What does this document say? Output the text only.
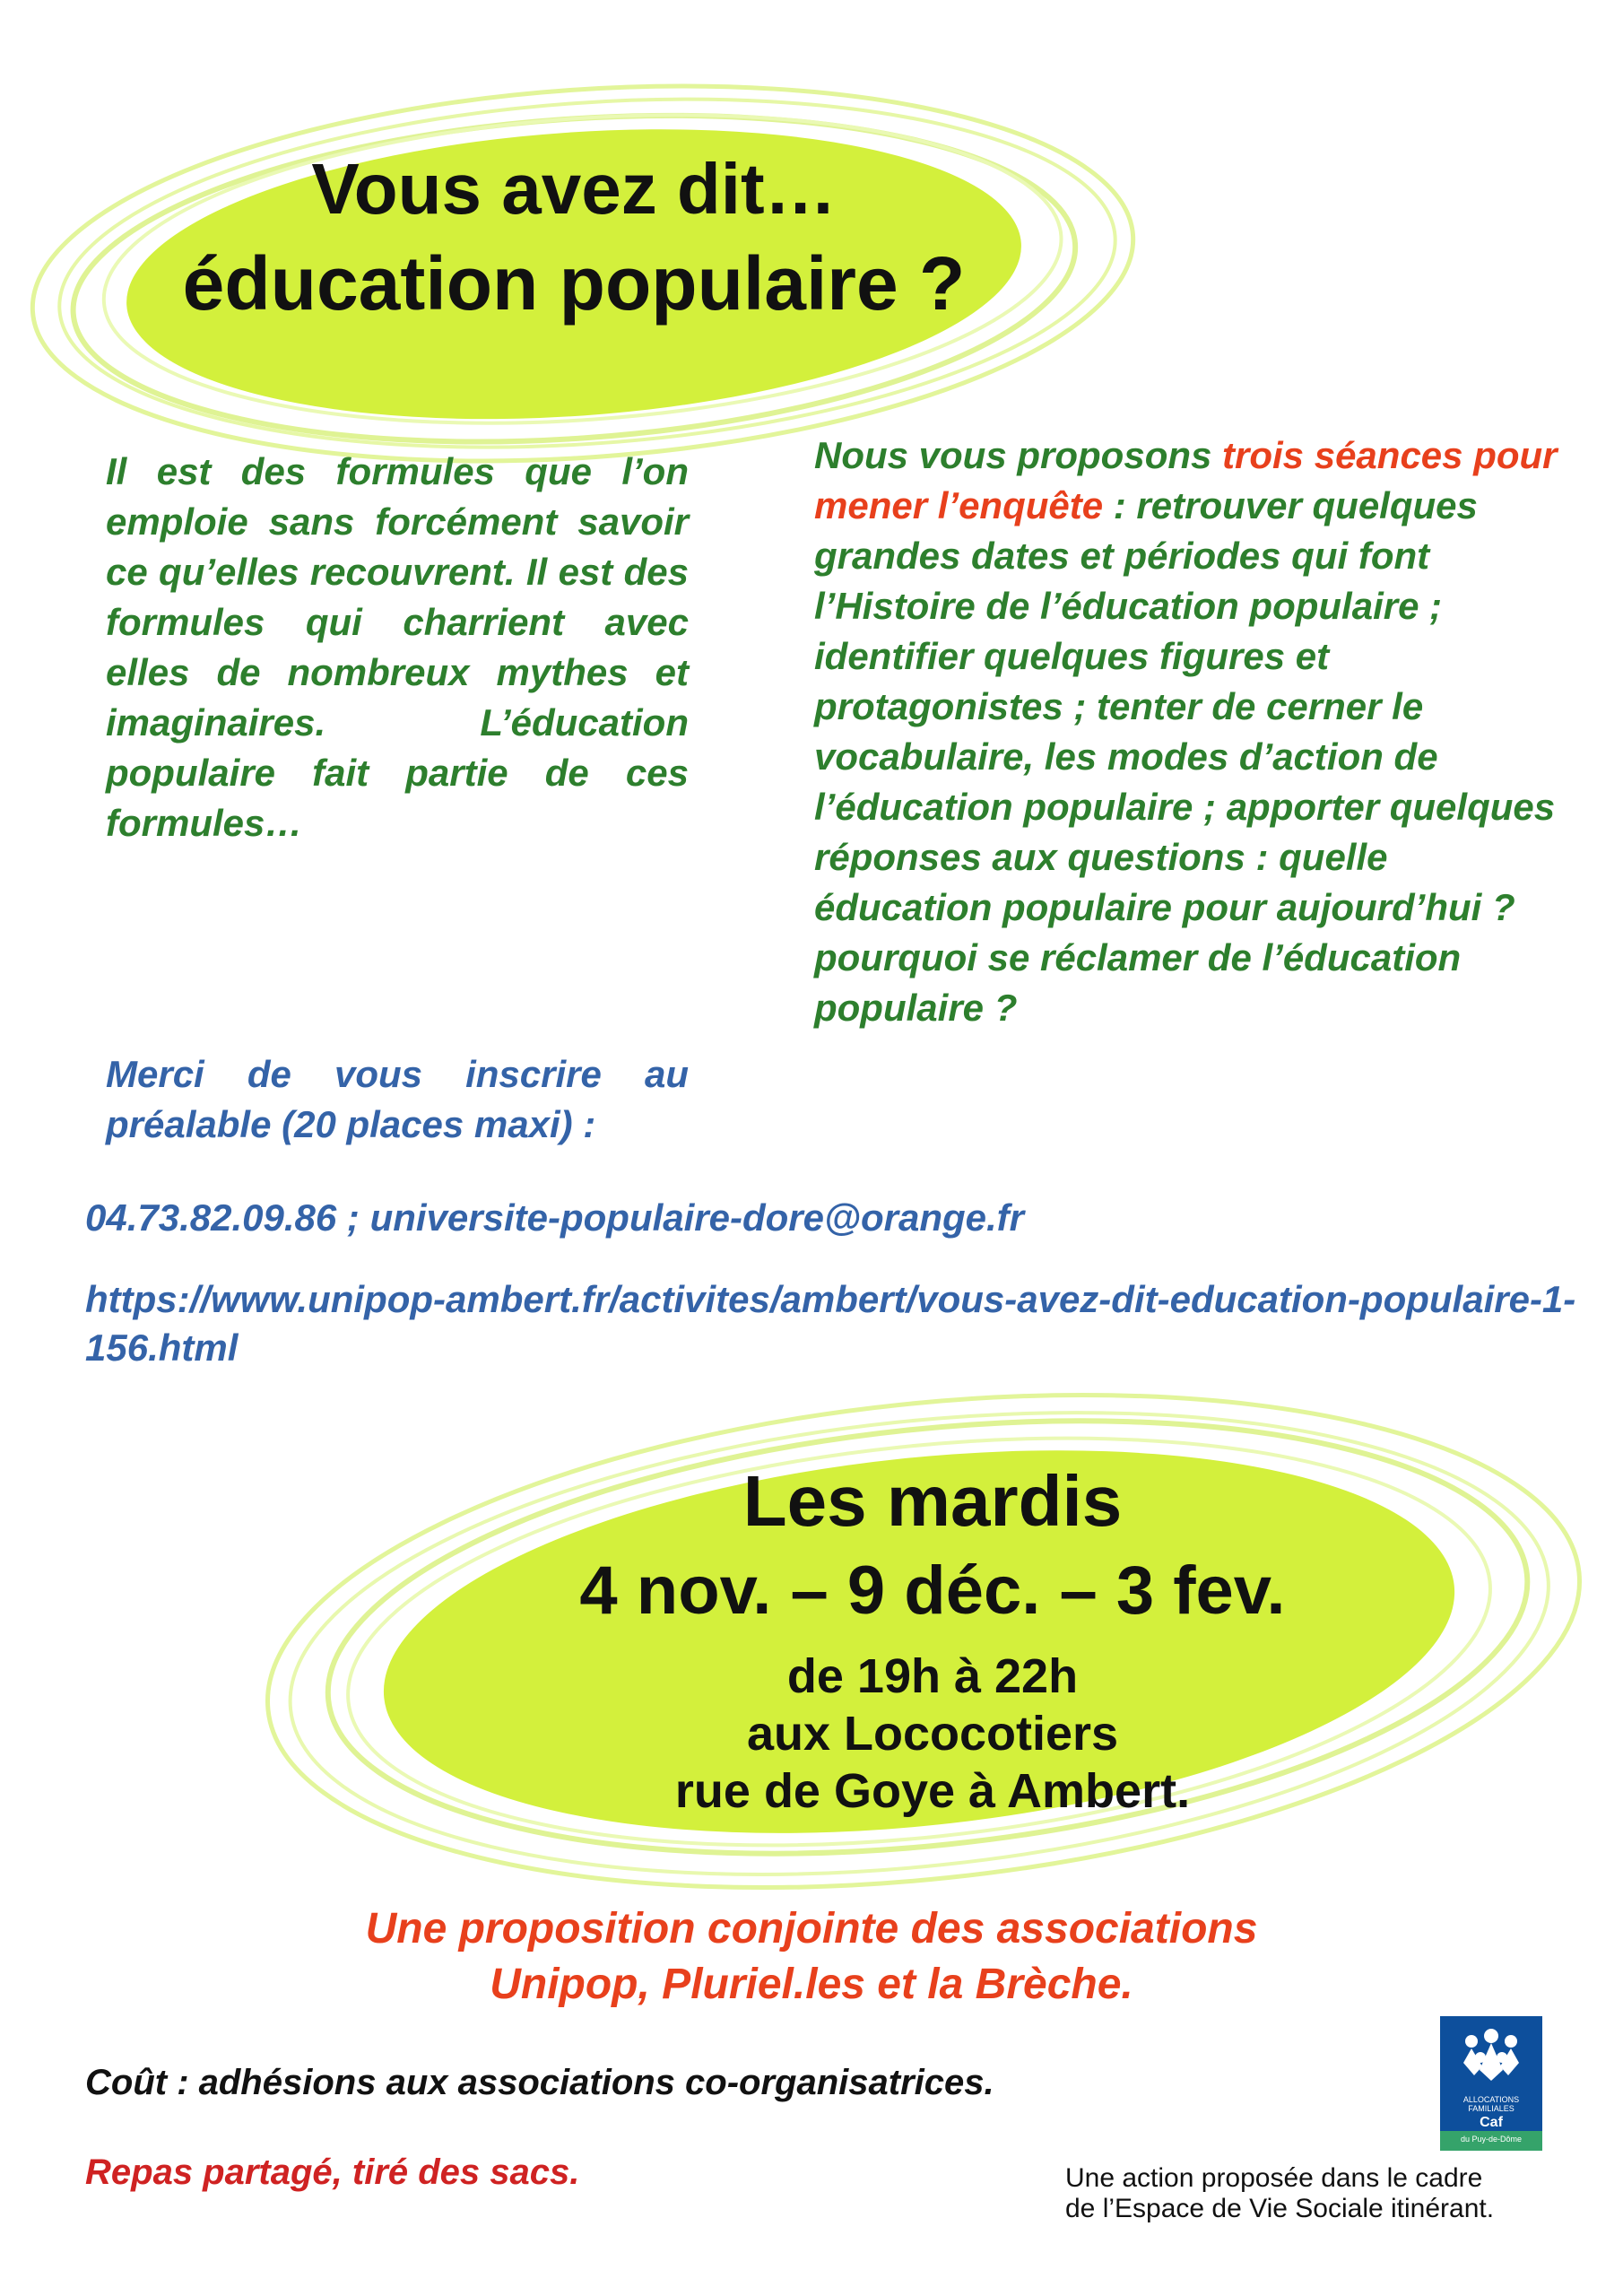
Vous avez dit…
éducation populaire ?
Il est des formules que l’on emploie sans forcément savoir ce qu’elles recouvrent. Il est des formules qui charrient avec elles de nombreux mythes et imaginaires. L’éducation populaire fait partie de ces formules…
Nous vous proposons trois séances pour mener l’enquête : retrouver quelques grandes dates et périodes qui font l’Histoire de l’éducation populaire ; identifier quelques figures et protagonistes ; tenter de cerner le vocabulaire, les modes d’action de l’éducation populaire ; apporter quelques réponses aux questions : quelle éducation populaire pour aujourd’hui ? pourquoi se réclamer de l’éducation populaire ?
Merci de vous inscrire au préalable (20 places maxi) :
04.73.82.09.86 ; universite-populaire-dore@orange.fr
https://www.unipop-ambert.fr/activites/ambert/vous-avez-dit-education-populaire-1-156.html
Les mardis
4 nov. – 9 déc. – 3 fev.
de 19h à 22h
aux Lococotiers
rue de Goye à Ambert.
Une proposition conjointe des associations
Unipop, Pluriel.les et la Brèche.
Coût : adhésions aux associations co-organisatrices.
Repas partagé, tiré des sacs.
ALLOCATIONS
FAMILIALES
Caf
du Puy-de-Dôme
Une action proposée dans le cadre
de l’Espace de Vie Sociale itinérant.
